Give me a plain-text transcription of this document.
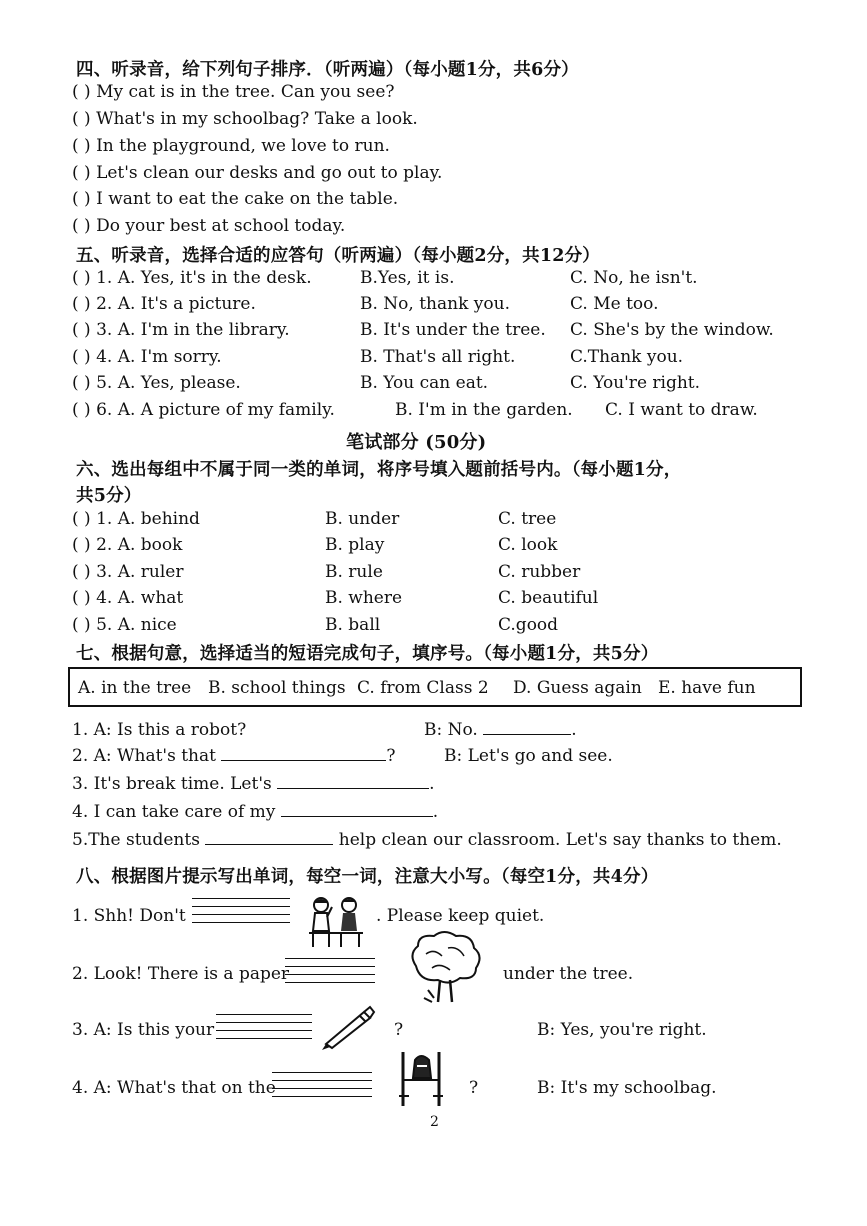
四、听录音，给下列句子排序．（听两遍）（每小题1分，共6分）
( ) My cat is in the tree. Can you see?
( ) What's in my schoolbag? Take a look.
( ) In the playground, we love to run.
( ) Let's clean our desks and go out to play.
( ) I want to eat the cake on the table.
( ) Do your best at school today.
五、听录音，选择合适的应答句（听两遍）（每小题2分，共12分）
( ) 1. A. Yes, it's in the desk.	B.Yes, it is.	C. No, he isn't.
( ) 2. A. It's a picture.	B. No, thank you.	C. Me too.
( ) 3. A. I'm in the library.	B. It's under the tree. C. She's by the window.
( ) 4. A. I'm sorry.	B. That's all right.	C.Thank you.
( ) 5. A. Yes, please.	B. You can eat.	C. You're right.
( ) 6. A. A picture of my family.	B. I'm in the garden. C. I want to draw.
笔试部分 (50分)
六、选出每组中不属于同一类的单词，将序号填入题前括号内。（每小题1分，
共5分）
( ) 1. A. behind	B. under	C. tree
( ) 2. A. book	B. play	C. look
( ) 3. A. ruler	B. rule	C. rubber
( ) 4. A. what	B. where	C. beautiful
( ) 5. A. nice	B. ball	C.good
七、根据句意，选择适当的短语完成句子，填序号。（每小题1分，共5分）
A. in the tree B. school things C. from Class 2 D. Guess again E. have fun
1. A: Is this a robot?	B: No.	.
2. A: What's that	?	B: Let's go and see.
3. It's break time. Let's	.
4. I can take care of my	.
5.The students	help clean our classroom. Let's say thanks to them.
八、根据图片提示写出单词，每空一词，注意大小写。（每空1分，共4分）
1. Shh! Don't	. Please keep quiet.
2. Look! There is a paper	under the tree.
3. A: Is this your	?	B: Yes, you're right.
4. A: What's that on the	?	B: It's my schoolbag.
2
